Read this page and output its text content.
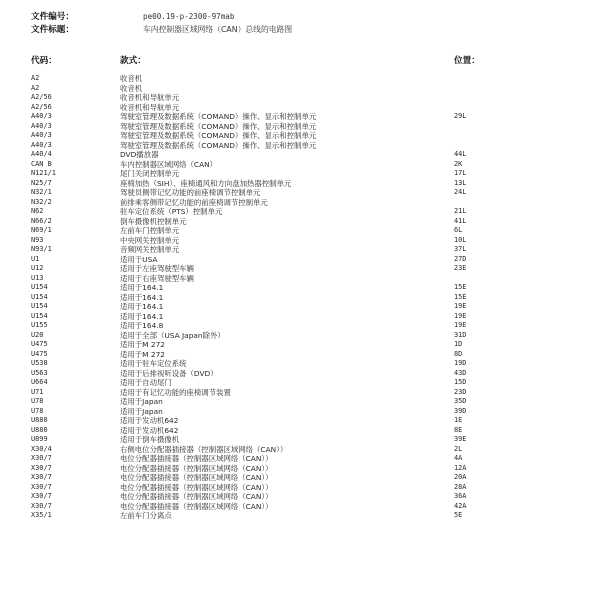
文件编号：	pe00.19-p-2300-97mab
文件标题：	车内控制器区域网络（CAN）总线的电路图
代码：	款式：	位置：
A2	收音机
A2	收音机
A2/56	收音机和导航单元
A2/56	收音机和导航单元
A40/3	驾驶室管理及数据系统（COMAND）操作、显示和控制单元	29L
A40/3	驾驶室管理及数据系统（COMAND）操作、显示和控制单元
A40/3	驾驶室管理及数据系统（COMAND）操作、显示和控制单元
A40/3	驾驶室管理及数据系统（COMAND）操作、显示和控制单元
A40/4	DVD播放器	44L
CAN B	车内控制器区域网络（CAN）	2K
N121/1	尾门关闭控制单元	17L
N25/7	座椅加热（SIH）、座椅通风和方向盘加热器控制单元	13L
N32/1	驾驶员侧带记忆功能的前座椅调节控制单元	24L
N32/2	前排乘客侧带记忆功能的前座椅调节控制单元
N62	驻车定位系统（PTS）控制单元	21L
N66/2	倒车摄像机控制单元	41L
N69/1	左前车门控制单元	6L
N93	中央网关控制单元	10L
N93/1	音频网关控制单元	37L
U1	适用于USA	27D
U12	适用于左座驾驶型车辆	23E
U13	适用于右座驾驶型车辆
U154	适用于164.1	15E
U154	适用于164.1	15E
U154	适用于164.1	19E
U154	适用于164.1	19E
U155	适用于164.8	19E
U20	适用于全部（USA Japan除外）	31D
U475	适用于M 272	1D
U475	适用于M 272	8D
U538	适用于驻车定位系统	19D
U563	适用于后排视听设备（DVD）	43D
U664	适用于自动尾门	15D
U71	适用于有记忆功能的座椅调节装置	23D
U78	适用于Japan	35D
U78	适用于Japan	39D
U880	适用于发动机642	1E
U880	适用于发动机642	8E
U899	适用于倒车摄像机	39E
X30/4	右侧电位分配器插接器（控制器区域网络（CAN））	2L
X30/7	电位分配器插接器（控制器区域网络（CAN））	4A
X30/7	电位分配器插接器（控制器区域网络（CAN））	12A
X30/7	电位分配器插接器（控制器区域网络（CAN））	20A
X30/7	电位分配器插接器（控制器区域网络（CAN））	28A
X30/7	电位分配器插接器（控制器区域网络（CAN））	36A
X30/7	电位分配器插接器（控制器区域网络（CAN））	42A
X35/1	左前车门分离点	5E
